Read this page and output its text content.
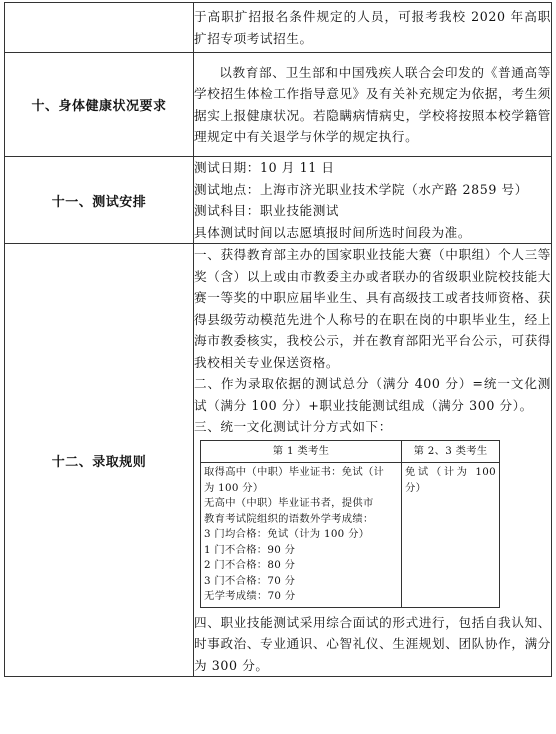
于高职扩招报名条件规定的人员，可报考我校 2020 年高职扩招专项考试招生。

十、身体健康状况要求	
以教育部、卫生部和中国残疾人联合会印发的《普通高等学校招生体检工作指导意见》及有关补充规定为依据，考生须据实上报健康状况。若隐瞒病情病史，学校将按照本校学籍管理规定中有关退学与休学的规定执行。

十一、测试安排	
测试日期：10 月 11 日
测试地点：上海市济光职业技术学院（水产路 2859 号）
测试科目：职业技能测试
具体测试时间以志愿填报时间所选时间段为准。

十二、录取规则	
一、获得教育部主办的国家职业技能大赛（中职组）个人三等奖（含）以上或由市教委主办或者联办的省级职业院校技能大赛一等奖的中职应届毕业生、具有高级技工或者技师资格、获得县级劳动模范先进个人称号的在职在岗的中职毕业生，经上海市教委核实，我校公示，并在教育部阳光平台公示，可获得我校相关专业保送资格。
二、作为录取依据的测试总分（满分 400 分）=统一文化测试（满分 100 分）+职业技能测试组成（满分 300 分）。
三、统一文化测试计分方式如下：
第 1 类考生	第 2、3 类考生

取得高中（中职）毕业证书：免试（计
为 100 分）
无高中（中职）毕业证书者，提供市
教育考试院组织的语数外学考成绩：
3 门均合格：免试（计为 100 分）
1 门不合格：90 分
2 门不合格：80 分
3 门不合格：70 分
无学考成绩：70 分

免试（计为 100 分）
四、职业技能测试采用综合面试的形式进行，包括自我认知、时事政治、专业通识、心智礼仪、生涯规划、团队协作，满分为 300 分。
